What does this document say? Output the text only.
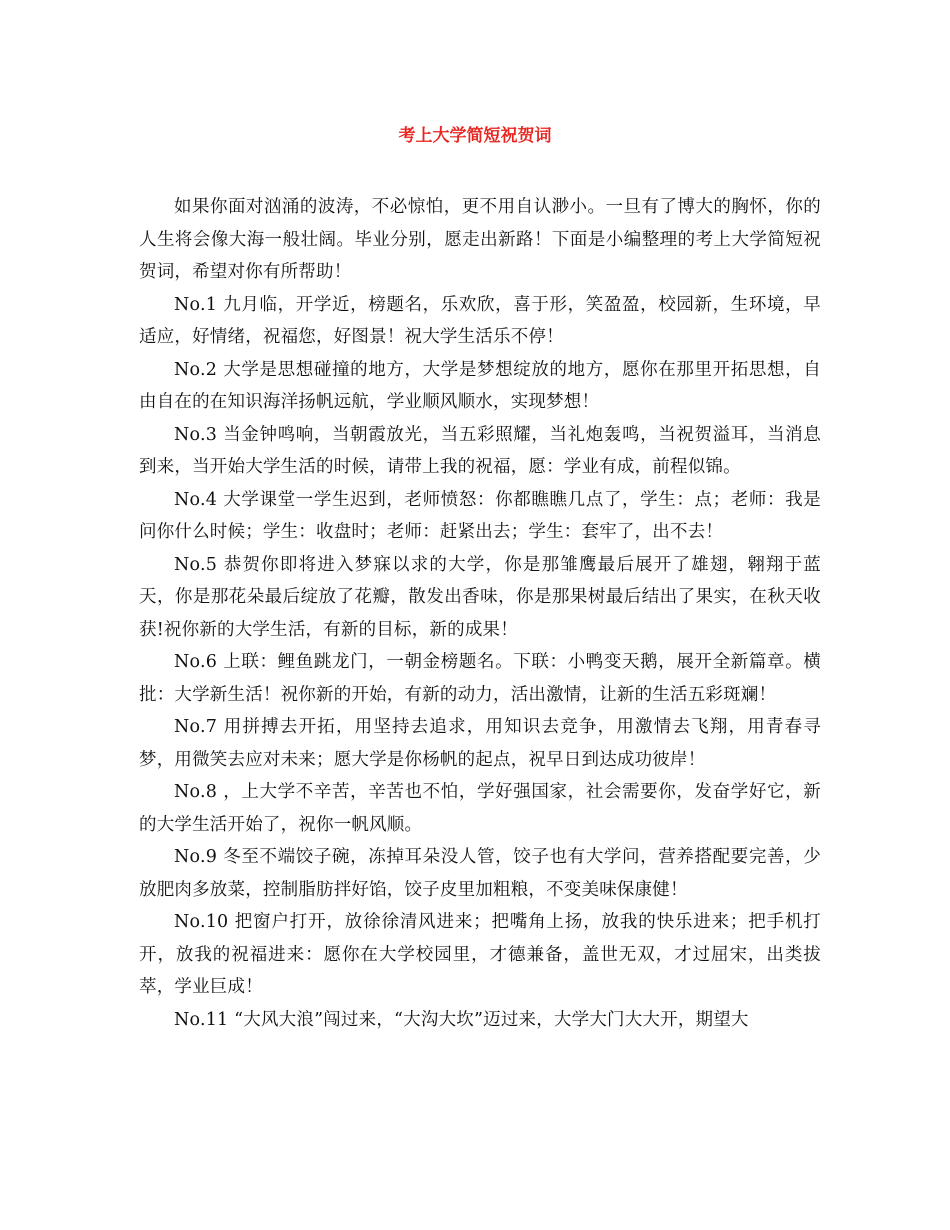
考上大学简短祝贺词

如果你面对汹涌的波涛，不必惊怕，更不用自认渺小。一旦有了博大的胸怀，你的人生将会像大海一般壮阔。毕业分别，愿走出新路！下面是小编整理的考上大学简短祝贺词，希望对你有所帮助！

No.1 九月临，开学近，榜题名，乐欢欣，喜于形，笑盈盈，校园新，生环境，早适应，好情绪，祝福您，好图景！祝大学生活乐不停！

No.2 大学是思想碰撞的地方，大学是梦想绽放的地方，愿你在那里开拓思想，自由自在的在知识海洋扬帆远航，学业顺风顺水，实现梦想！

No.3 当金钟鸣响，当朝霞放光，当五彩照耀，当礼炮轰鸣，当祝贺溢耳，当消息到来，当开始大学生活的时候，请带上我的祝福，愿：学业有成，前程似锦。

No.4 大学课堂一学生迟到，老师愤怒：你都瞧瞧几点了，学生：点；老师：我是问你什么时候；学生：收盘时；老师：赶紧出去；学生：套牢了，出不去！

No.5 恭贺你即将进入梦寐以求的大学，你是那雏鹰最后展开了雄翅，翱翔于蓝天，你是那花朵最后绽放了花瓣，散发出香味，你是那果树最后结出了果实，在秋天收获!祝你新的大学生活，有新的目标，新的成果！

No.6 上联：鲤鱼跳龙门，一朝金榜题名。下联：小鸭变天鹅，展开全新篇章。横批：大学新生活！祝你新的开始，有新的动力，活出激情，让新的生活五彩斑斓！

No.7 用拼搏去开拓，用坚持去追求，用知识去竞争，用激情去飞翔，用青春寻梦，用微笑去应对未来；愿大学是你杨帆的起点，祝早日到达成功彼岸！

No.8 ，上大学不辛苦，辛苦也不怕，学好强国家，社会需要你，发奋学好它，新的大学生活开始了，祝你一帆风顺。

No.9 冬至不端饺子碗，冻掉耳朵没人管，饺子也有大学问，营养搭配要完善，少放肥肉多放菜，控制脂肪拌好馅，饺子皮里加粗粮，不变美味保康健！

No.10 把窗户打开，放徐徐清风进来；把嘴角上扬，放我的快乐进来；把手机打开，放我的祝福进来：愿你在大学校园里，才德兼备，盖世无双，才过屈宋，出类拔萃，学业巨成！

No.11 “大风大浪”闯过来，“大沟大坎”迈过来，大学大门大大开，期望大
